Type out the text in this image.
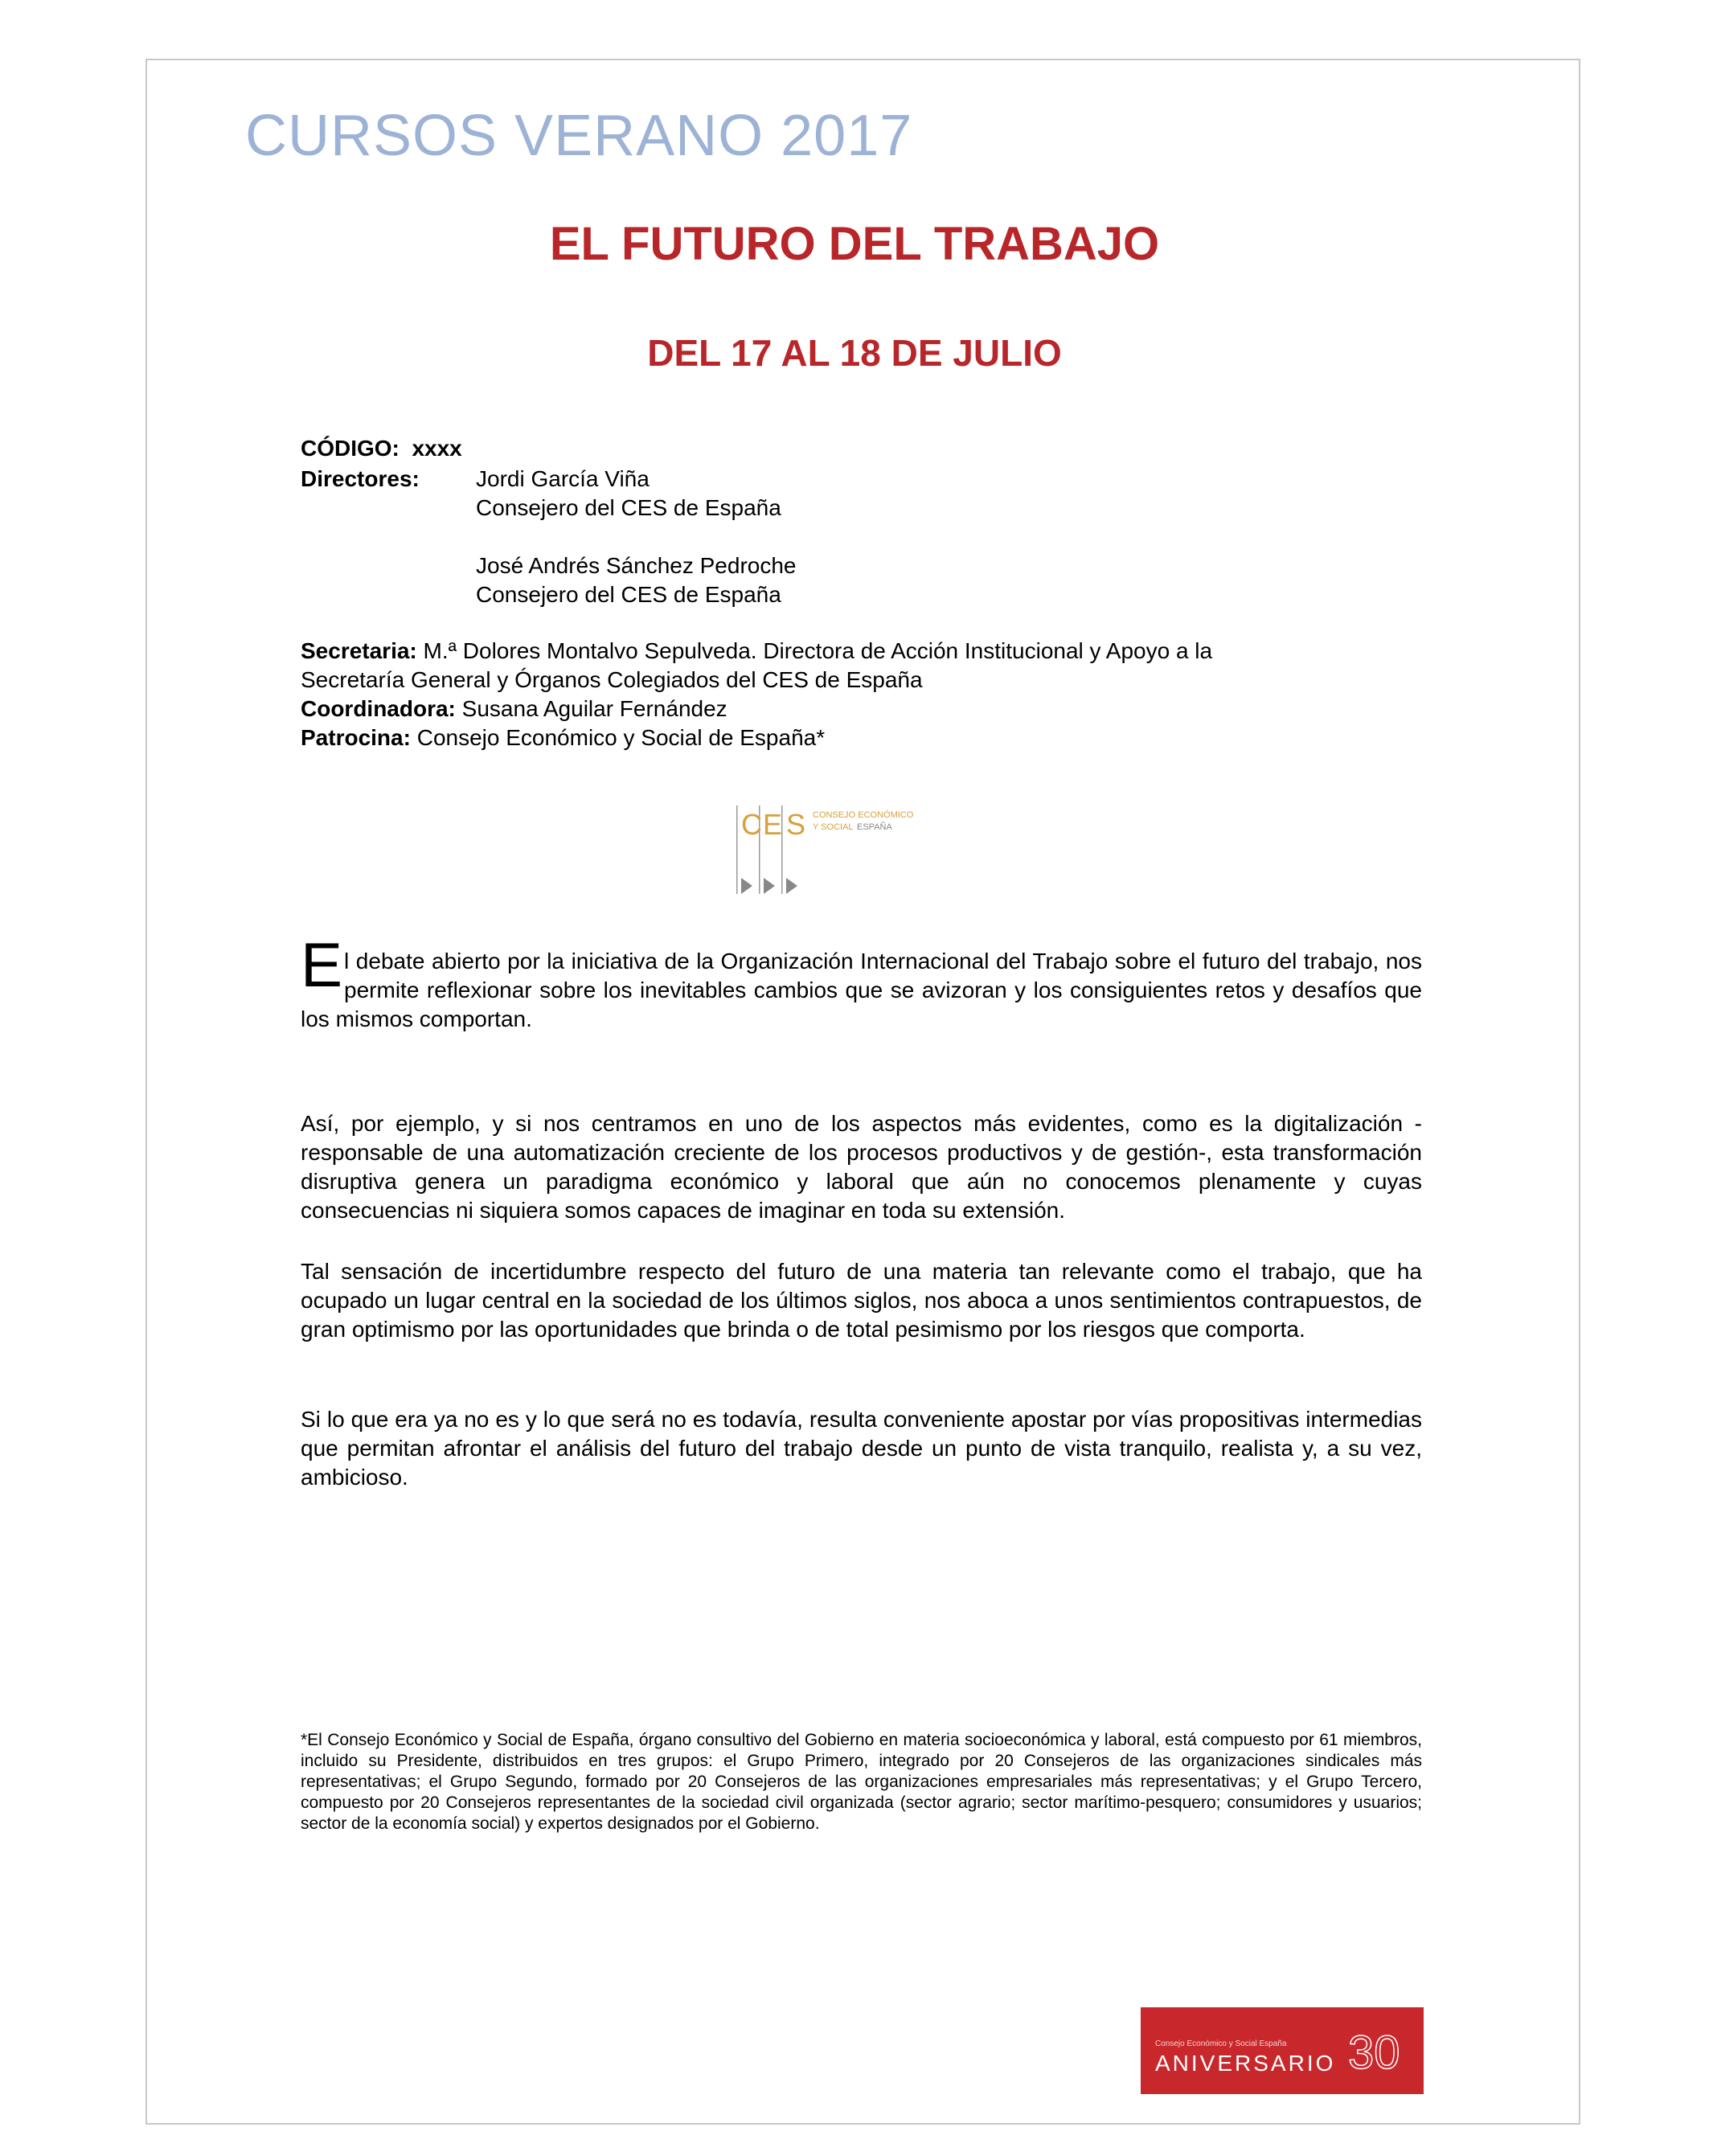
CURSOS VERANO 2017
EL FUTURO DEL TRABAJO
DEL 17 AL 18 DE JULIO
CÓDIGO: xxxx
Directores:	Jordi García Viña
Consejero del CES de España
José Andrés Sánchez Pedroche
Consejero del CES de España
Secretaria: M.ª Dolores Montalvo Sepulveda. Directora de Acción Institucional y Apoyo a la
Secretaría General y Órganos Colegiados del CES de España
Coordinadora: Susana Aguilar Fernández
Patrocina: Consejo Económico y Social de España*
C E S CONSEJO ECONÓMICO
Y SOCIAL ESPAÑA
El debate abierto por la iniciativa de la Organización Internacional del Trabajo sobre el futuro del trabajo, nos permite reflexionar sobre los inevitables cambios que se avizoran y los consiguientes retos y desafíos que los mismos comportan.
Así, por ejemplo, y si nos centramos en uno de los aspectos más evidentes, como es la digitalización -responsable de una automatización creciente de los procesos productivos y de gestión-, esta transformación disruptiva genera un paradigma económico y laboral que aún no conocemos plenamente y cuyas consecuencias ni siquiera somos capaces de imaginar en toda su extensión.
Tal sensación de incertidumbre respecto del futuro de una materia tan relevante como el trabajo, que ha ocupado un lugar central en la sociedad de los últimos siglos, nos aboca a unos sentimientos contrapuestos, de gran optimismo por las oportunidades que brinda o de total pesimismo por los riesgos que comporta.
Si lo que era ya no es y lo que será no es todavía, resulta conveniente apostar por vías propositivas intermedias que permitan afrontar el análisis del futuro del trabajo desde un punto de vista tranquilo, realista y, a su vez, ambicioso.
*El Consejo Económico y Social de España, órgano consultivo del Gobierno en materia socioeconómica y laboral, está compuesto por 61 miembros, incluido su Presidente, distribuidos en tres grupos: el Grupo Primero, integrado por 20 Consejeros de las organizaciones sindicales más representativas; el Grupo Segundo, formado por 20 Consejeros de las organizaciones empresariales más representativas; y el Grupo Tercero, compuesto por 20 Consejeros representantes de la sociedad civil organizada (sector agrario; sector marítimo-pesquero; consumidores y usuarios; sector de la economía social) y expertos designados por el Gobierno.
Consejo Económico y Social España
ANIVERSARIO 30
